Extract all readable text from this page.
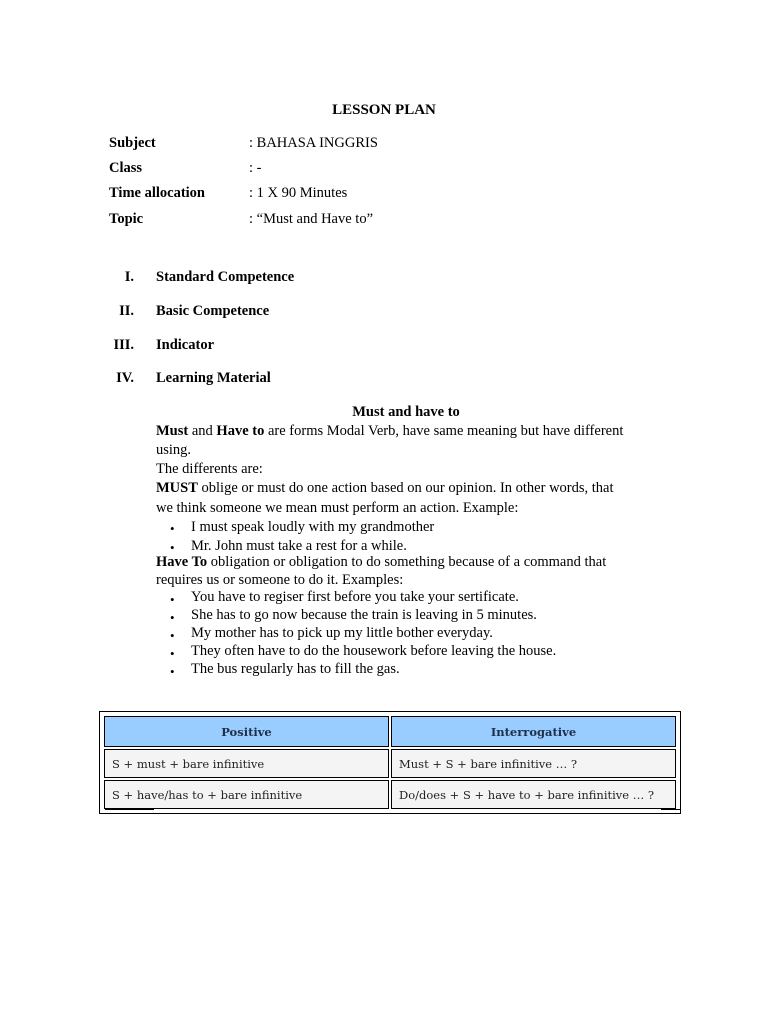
LESSON PLAN
Subject	: BAHASA INGGRIS
Class	: -
Time allocation	: 1 X 90 Minutes
Topic	: “Must and Have to”
I. Standard Competence
II. Basic Competence
III. Indicator
IV. Learning Material
Must and have to
Must and Have to are forms Modal Verb, have same meaning but have different
using.
The differents are:
MUST oblige or must do one action based on our opinion. In other words, that
we think someone we mean must perform an action. Example:
• I must speak loudly with my grandmother
• Mr. John must take a rest for a while.
Have To obligation or obligation to do something because of a command that
requires us or someone to do it. Examples:
• You have to regiser first before you take your sertificate.
• She has to go now because the train is leaving in 5 minutes.
• My mother has to pick up my little bother everyday.
• They often have to do the housework before leaving the house.
• The bus regularly has to fill the gas.
Positive	Interrogative
S + must + bare infinitive	Must + S + bare infinitive … ?
S + have/has to + bare infinitive	Do/does + S + have to + bare infinitive … ?
